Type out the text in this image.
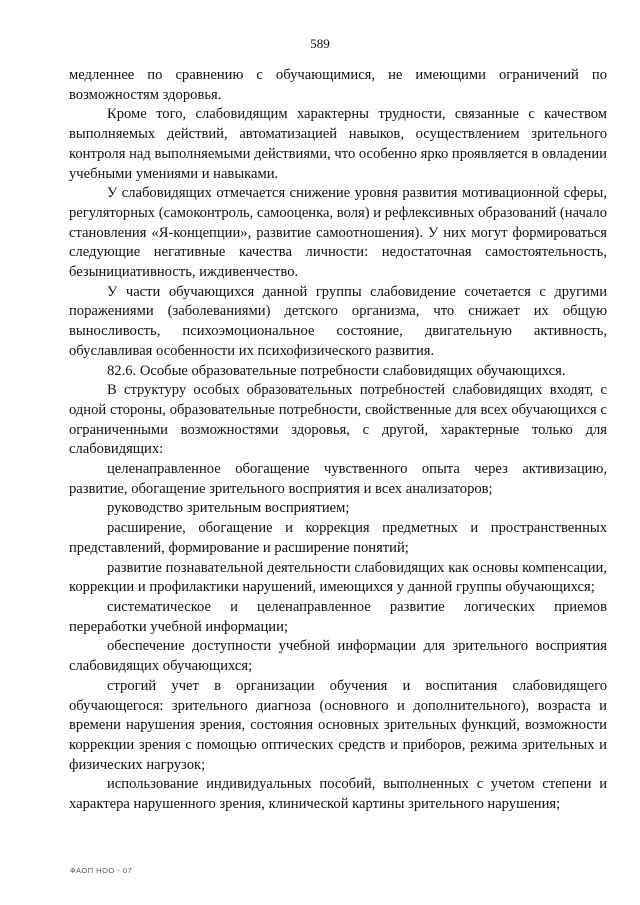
589

медленнее по сравнению с обучающимися, не имеющими ограничений по возможностям здоровья.

Кроме того, слабовидящим характерны трудности, связанные с качеством выполняемых действий, автоматизацией навыков, осуществлением зрительного контроля над выполняемыми действиями, что особенно ярко проявляется в овладении учебными умениями и навыками.

У слабовидящих отмечается снижение уровня развития мотивационной сферы, регуляторных (самоконтроль, самооценка, воля) и рефлексивных образований (начало становления «Я-концепции», развитие самоотношения). У них могут формироваться следующие негативные качества личности: недостаточная самостоятельность, безынициативность, иждивенчество.

У части обучающихся данной группы слабовидение сочетается с другими поражениями (заболеваниями) детского организма, что снижает их общую выносливость, психоэмоциональное состояние, двигательную активность, обуславливая особенности их психофизического развития.

82.6. Особые образовательные потребности слабовидящих обучающихся.

В структуру особых образовательных потребностей слабовидящих входят, с одной стороны, образовательные потребности, свойственные для всех обучающихся с ограниченными возможностями здоровья, с другой, характерные только для слабовидящих:

целенаправленное обогащение чувственного опыта через активизацию, развитие, обогащение зрительного восприятия и всех анализаторов;

руководство зрительным восприятием;

расширение, обогащение и коррекция предметных и пространственных представлений, формирование и расширение понятий;

развитие познавательной деятельности слабовидящих как основы компенсации, коррекции и профилактики нарушений, имеющихся у данной группы обучающихся;

систематическое и целенаправленное развитие логических приемов переработки учебной информации;

обеспечение доступности учебной информации для зрительного восприятия слабовидящих обучающихся;

строгий учет в организации обучения и воспитания слабовидящего обучающегося: зрительного диагноза (основного и дополнительного), возраста и времени нарушения зрения, состояния основных зрительных функций, возможности коррекции зрения с помощью оптических средств и приборов, режима зрительных и физических нагрузок;

использование индивидуальных пособий, выполненных с учетом степени и характера нарушенного зрения, клинической картины зрительного нарушения;

ФАОП НОО - 07
